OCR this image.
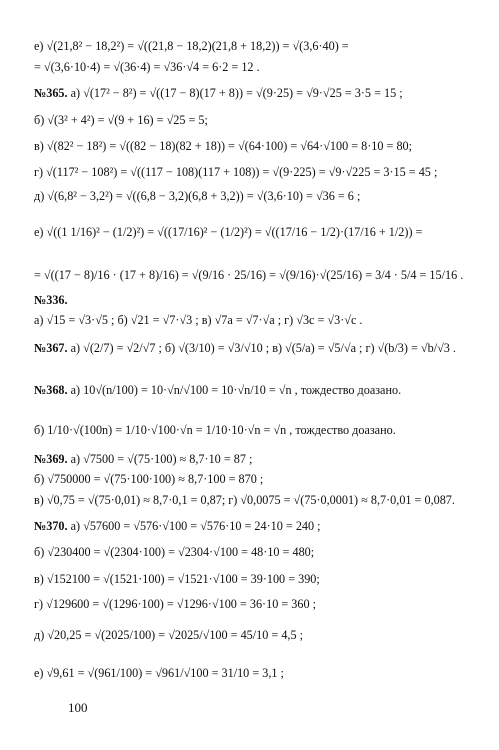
е) √(21,8² − 18,2²) = √((21,8 − 18,2)(21,8 + 18,2)) = √(3,6·40) =
= √(3,6·10·4) = √(36·4) = √36·√4 = 6·2 = 12 .
№365. а) √(17² − 8²) = √((17 − 8)(17 + 8)) = √(9·25) = √9·√25 = 3·5 = 15 ;
б) √(3² + 4²) = √(9 + 16) = √25 = 5;
в) √(82² − 18²) = √((82 − 18)(82 + 18)) = √(64·100) = √64·√100 = 8·10 = 80;
г) √(117² − 108²) = √((117 − 108)(117 + 108)) = √(9·225) = √9·√225 = 3·15 = 45 ;
д) √(6,8² − 3,2²) = √((6,8 − 3,2)(6,8 + 3,2)) = √(3,6·10) = √36 = 6 ;
е) √((1 1/16)² − (1/2)²) = √((17/16)² − (1/2)²) = √((17/16 − 1/2)·(17/16 + 1/2)) =
= √((17 − 8)/16 · (17 + 8)/16) = √(9/16 · 25/16) = √(9/16)·√(25/16) = 3/4 · 5/4 = 15/16 .
№336.
а) √15 = √3·√5 ; б) √21 = √7·√3 ; в) √7a = √7·√a ; г) √3c = √3·√c .
№367. а) √(2/7) = √2/√7 ; б) √(3/10) = √3/√10 ; в) √(5/a) = √5/√a ; г) √(b/3) = √b/√3 .
№368. а) 10√(n/100) = 10·√n/√100 = 10·√n/10 = √n , тождество доазано.
б) 1/10·√(100n) = 1/10·√100·√n = 1/10·10·√n = √n , тождество доазано.
№369. а) √7500 = √(75·100) ≈ 8,7·10 = 87 ;
б) √750000 = √(75·100·100) ≈ 8,7·100 = 870 ;
в) √0,75 = √(75·0,01) ≈ 8,7·0,1 = 0,87; г) √0,0075 = √(75·0,0001) ≈ 8,7·0,01 = 0,087.
№370. а) √57600 = √576·√100 = √576·10 = 24·10 = 240 ;
б) √230400 = √(2304·100) = √2304·√100 = 48·10 = 480;
в) √152100 = √(1521·100) = √1521·√100 = 39·100 = 390;
г) √129600 = √(1296·100) = √1296·√100 = 36·10 = 360 ;
д) √20,25 = √(2025/100) = √2025/√100 = 45/10 = 4,5 ;
е) √9,61 = √(961/100) = √961/√100 = 31/10 = 3,1 ;
100
